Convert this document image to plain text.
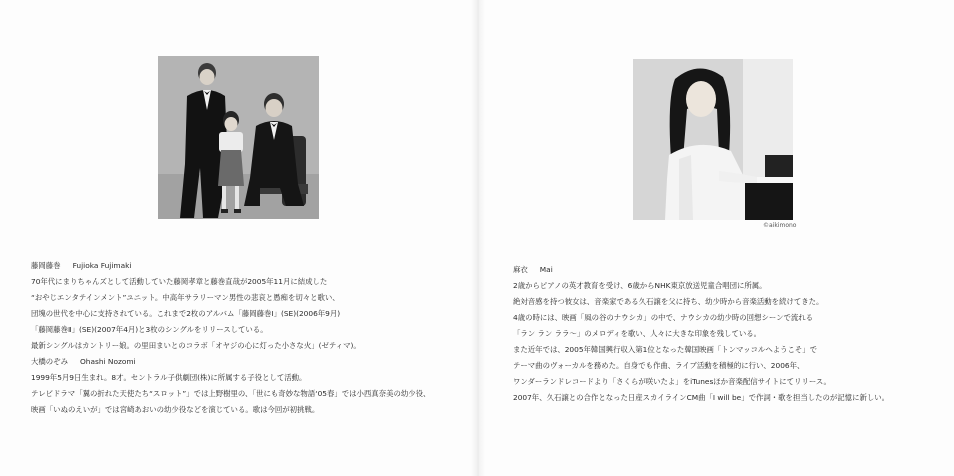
藤岡藤巻 Fujioka Fujimaki
70年代にまりちゃんズとして活動していた藤岡孝章と藤巻直哉が2005年11月に結成した
“おやじエンタテインメント”ユニット。中高年サラリーマン男性の悲哀と愚痴を切々と歌い、
団塊の世代を中心に支持されている。これまで2枚のアルバム「藤岡藤巻Ⅰ」(SE)(2006年9月)
「藤岡藤巻Ⅱ」(SE)(2007年4月)と3枚のシングルをリリースしている。
最新シングルはカントリー娘。の里田まいとのコラボ「オヤジの心に灯った小さな火」(ゼティマ)。
大橋のぞみ Ohashi Nozomi
1999年5月9日生まれ。8才。セントラル子供劇団(株)に所属する子役として活動。
テレビドラマ「翼の折れた天使たち“スロット”」では上野樹里の、「世にも奇妙な物語‘05春」では小西真奈美の幼少役、
映画「いぬのえいが」では宮崎あおいの幼少役などを演じている。歌は今回が初挑戦。
©aikimono
麻衣 Mai
2歳からピアノの英才教育を受け、6歳からNHK東京放送児童合唱団に所属。
絶対音感を持つ彼女は、音楽家である久石譲を父に持ち、幼少時から音楽活動を続けてきた。
4歳の時には、映画「風の谷のナウシカ」の中で、ナウシカの幼少時の回想シーンで流れる
「ラン ラン ララ～」のメロディを歌い、人々に大きな印象を残している。
また近年では、2005年韓国興行収入第1位となった韓国映画「トンマッコルへようこそ」で
テーマ曲のヴォーカルを務めた。自身でも作曲、ライブ活動を積極的に行い、2006年、
ワンダーランドレコードより「さくらが咲いたよ」をiTunesほか音楽配信サイトにてリリース。
2007年、久石譲との合作となった日産スカイラインCM曲「I will be」で作詞・歌を担当したのが記憶に新しい。
